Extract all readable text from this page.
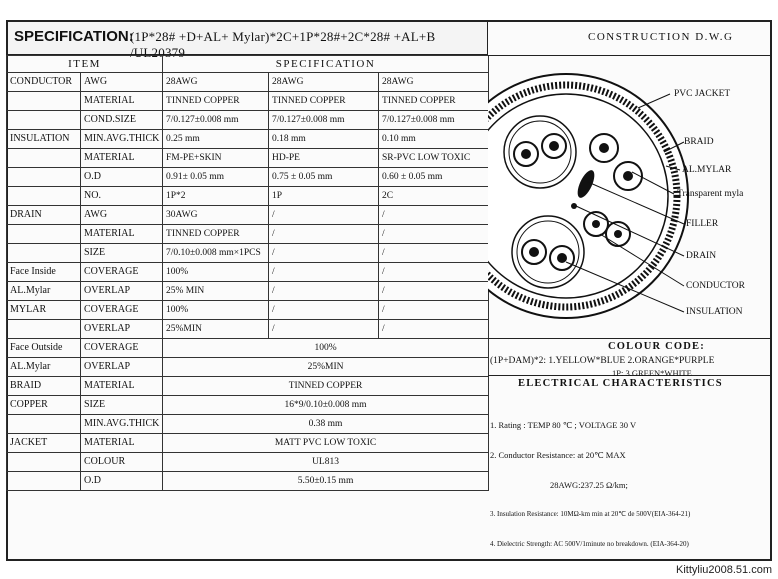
SPECIFICATION:
(1P*28# +D+AL+ Mylar)*2C+1P*28#+2C*28# +AL+B /UL20379
ITEM		SPECIFICATION		
CONDUCTOR	AWG	28AWG	28AWG	28AWG
	MATERIAL	TINNED COPPER	TINNED COPPER	TINNED COPPER
	COND.SIZE	7/0.127±0.008 mm	7/0.127±0.008 mm	7/0.127±0.008 mm
INSULATION	MIN.AVG.THICK	0.25 mm	0.18 mm	0.10 mm
	MATERIAL	FM-PE+SKIN	HD-PE	SR-PVC LOW TOXIC
	O.D	0.91± 0.05 mm	0.75 ± 0.05 mm	0.60 ± 0.05 mm
	NO.	1P*2	1P	2C
DRAIN	AWG	30AWG	/	/
	MATERIAL	TINNED COPPER	/	/
	SIZE	7/0.10±0.008 mm×1PCS	/	/
Face Inside	COVERAGE	100%	/	/
AL.Mylar	OVERLAP	25% MIN	/	/
MYLAR	COVERAGE	100%	/	/
	OVERLAP	25%MIN	/	/
Face Outside	COVERAGE	100%		
AL.Mylar	OVERLAP	25%MIN		
BRAID	MATERIAL	TINNED COPPER		
COPPER	SIZE	16*9/0.10±0.008 mm		
	MIN.AVG.THICK	0.38 mm		
JACKET	MATERIAL	MATT PVC LOW TOXIC		
	COLOUR	UL813		
	O.D	5.50±0.15 mm		
CONSTRUCTION D.W.G
PVC JACKET
BRAID
AL.MYLAR
Transparent myla
FILLER
DRAIN
CONDUCTOR
INSULATION
COLOUR CODE:
(1P+DAM)*2: 1.YELLOW*BLUE 2.ORANGE*PURPLE
1P: 3.GREEN*WHITE
ELECTRICAL CHARACTERISTICS
1. Rating : TEMP 80 ℃ ; VOLTAGE 30 V
2. Conductor Resistance: at 20℃ MAX
28AWG:237.25 Ω/km;
3. Insulation Resistance: 10MΩ-km min at 20℃ de 500V(EIA-364-21)
4. Dielectric Strength: AC 500V/1minute no breakdown. (EIA-364-20)
Kittyliu2008.51.com
